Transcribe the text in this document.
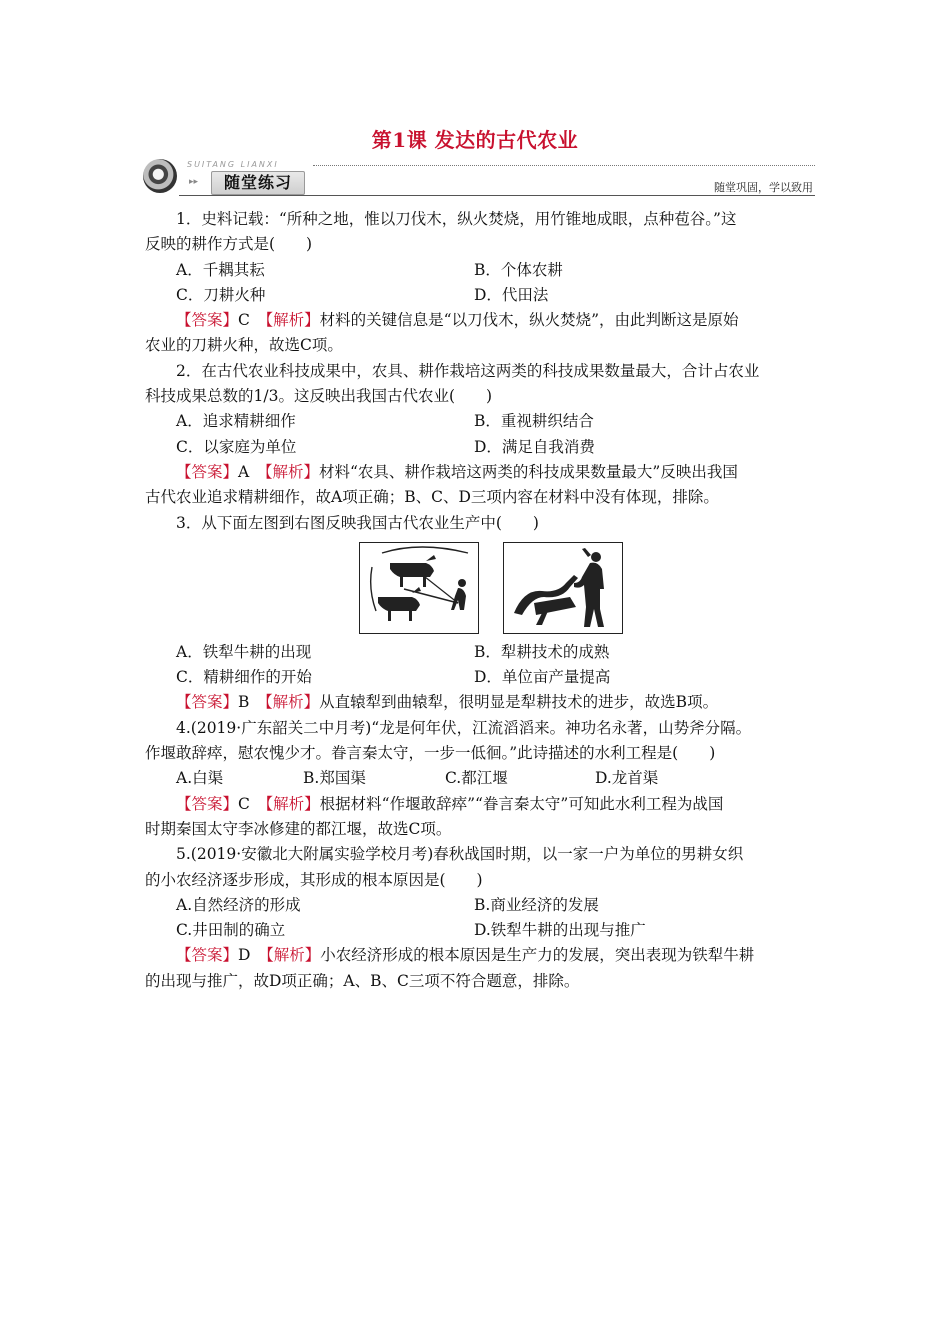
第1课 发达的古代农业
SUITANG LIANXI
▸▸	随堂练习	随堂巩固，学以致用
1．史料记载：“所种之地，惟以刀伐木，纵火焚烧，用竹锥地成眼，点种苞谷。”这
反映的耕作方式是(　　)
A．千耦其耘	B．个体农耕
C．刀耕火种	D．代田法
【答案】C　【解析】材料的关键信息是“以刀伐木，纵火焚烧”，由此判断这是原始
农业的刀耕火种，故选C项。
2．在古代农业科技成果中，农具、耕作栽培这两类的科技成果数量最大，合计占农业
科技成果总数的1/3。这反映出我国古代农业(　　)
A．追求精耕细作	B．重视耕织结合
C．以家庭为单位	D．满足自我消费
【答案】A　【解析】材料“农具、耕作栽培这两类的科技成果数量最大”反映出我国
古代农业追求精耕细作，故A项正确；B、C、D三项内容在材料中没有体现，排除。
3．从下面左图到右图反映我国古代农业生产中(　　)
A．铁犁牛耕的出现	B．犁耕技术的成熟
C．精耕细作的开始	D．单位亩产量提高
【答案】B　【解析】从直辕犁到曲辕犁，很明显是犁耕技术的进步，故选B项。
4.(2019·广东韶关二中月考)“龙是何年伏，江流滔滔来。神功名永著，山势斧分隔。
作堰敢辞瘁，慰农愧少才。眷言秦太守，一步一低徊。”此诗描述的水利工程是(　　)
A.白渠	B.郑国渠	C.都江堰	D.龙首渠
【答案】C　【解析】根据材料“作堰敢辞瘁”“眷言秦太守”可知此水利工程为战国
时期秦国太守李冰修建的都江堰，故选C项。
5.(2019·安徽北大附属实验学校月考)春秋战国时期，以一家一户为单位的男耕女织
的小农经济逐步形成，其形成的根本原因是(　　)
A.自然经济的形成	B.商业经济的发展
C.井田制的确立	D.铁犁牛耕的出现与推广
【答案】D　【解析】小农经济形成的根本原因是生产力的发展，突出表现为铁犁牛耕
的出现与推广，故D项正确；A、B、C三项不符合题意，排除。
